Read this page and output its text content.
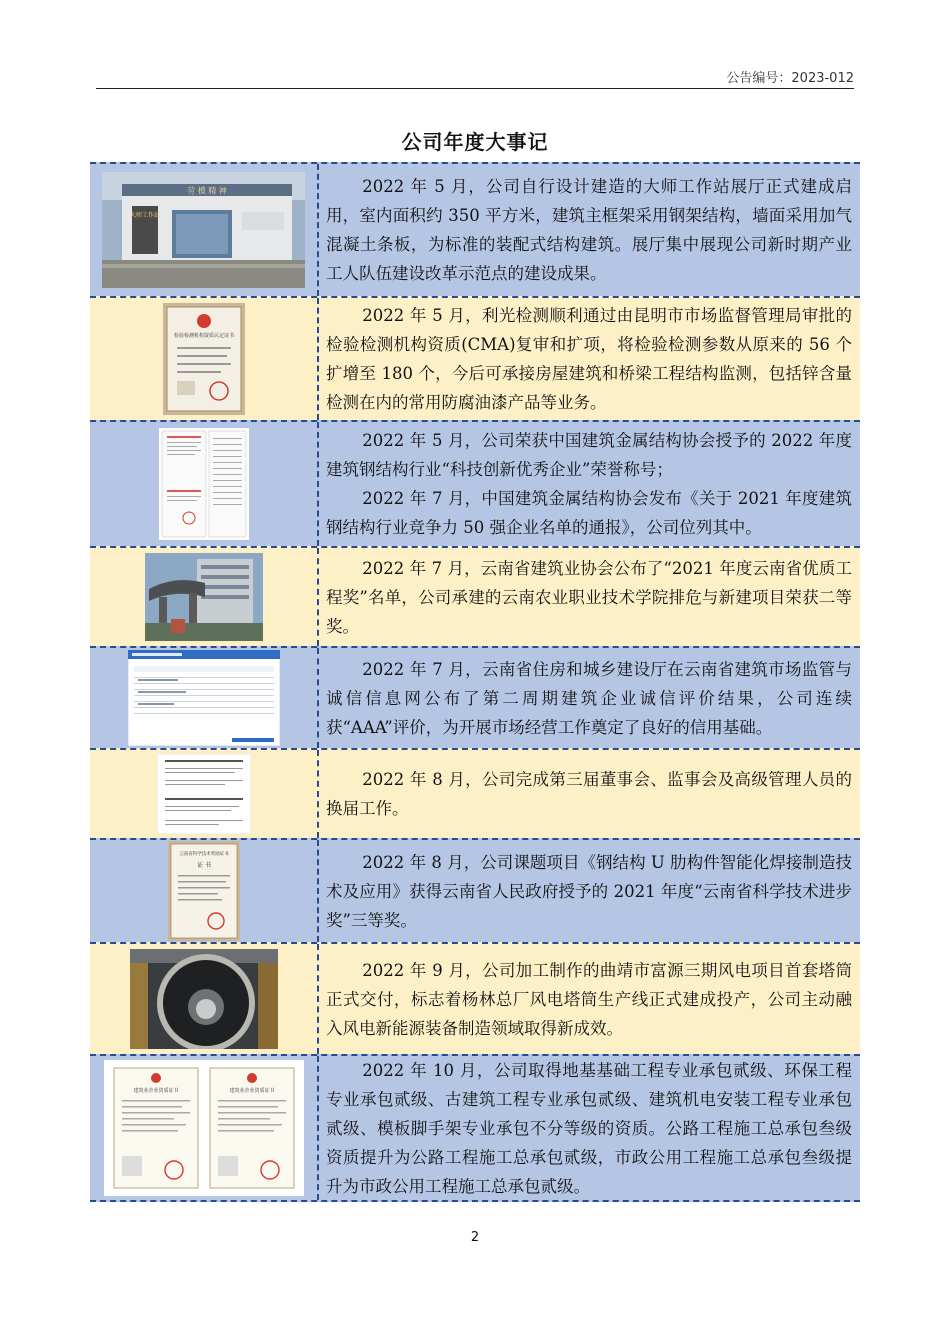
公告编号：2023-012
公司年度大事记
劳 模 精 神
大师工作站

2022 年 5 月，公司自行设计建造的大师工作站展厅正式建成启用，室内面积约 350 平方米，建筑主框架采用钢架结构，墙面采用加气混凝土条板，为标准的装配式结构建筑。展厅集中展现公司新时期产业工人队伍建设改革示范点的建设成果。

检验检测机构资质认定证书

2022 年 5 月，利光检测顺利通过由昆明市市场监督管理局审批的检验检测机构资质(CMA)复审和扩项，将检验检测参数从原来的 56 个扩增至 180 个，今后可承接房屋建筑和桥梁工程结构监测，包括锌含量检测在内的常用防腐油漆产品等业务。

2022 年 5 月，公司荣获中国建筑金属结构协会授予的 2022 年度建筑钢结构行业“科技创新优秀企业”荣誉称号；

2022 年 7 月，中国建筑金属结构协会发布《关于 2021 年度建筑钢结构行业竞争力 50 强企业名单的通报》，公司位列其中。

2022 年 7 月，云南省建筑业协会公布了“2021 年度云南省优质工程奖”名单，公司承建的云南农业职业技术学院排危与新建项目荣获二等奖。

2022 年 7 月，云南省住房和城乡建设厅在云南省建筑市场监管与诚信信息网公布了第二周期建筑企业诚信评价结果，公司连续获“AAA”评价，为开展市场经营工作奠定了良好的信用基础。

2022 年 8 月，公司完成第三届董事会、监事会及高级管理人员的换届工作。

云南省科学技术奖励证书
证 书	2022 年 8 月，公司课题项目《钢结构 U 肋构件智能化焊接制造技术及应用》获得云南省人民政府授予的 2021 年度“云南省科学技术进步奖”三等奖。

2022 年 9 月，公司加工制作的曲靖市富源三期风电项目首套塔筒正式交付，标志着杨林总厂风电塔筒生产线正式建成投产，公司主动融入风电新能源装备制造领域取得新成效。

建筑业企业资质证书	建筑业企业资质证书

2022 年 10 月，公司取得地基基础工程专业承包贰级、环保工程专业承包贰级、古建筑工程专业承包贰级、建筑机电安装工程专业承包贰级、模板脚手架专业承包不分等级的资质。公路工程施工总承包叁级资质提升为公路工程施工总承包贰级，市政公用工程施工总承包叁级提升为市政公用工程施工总承包贰级。

2
